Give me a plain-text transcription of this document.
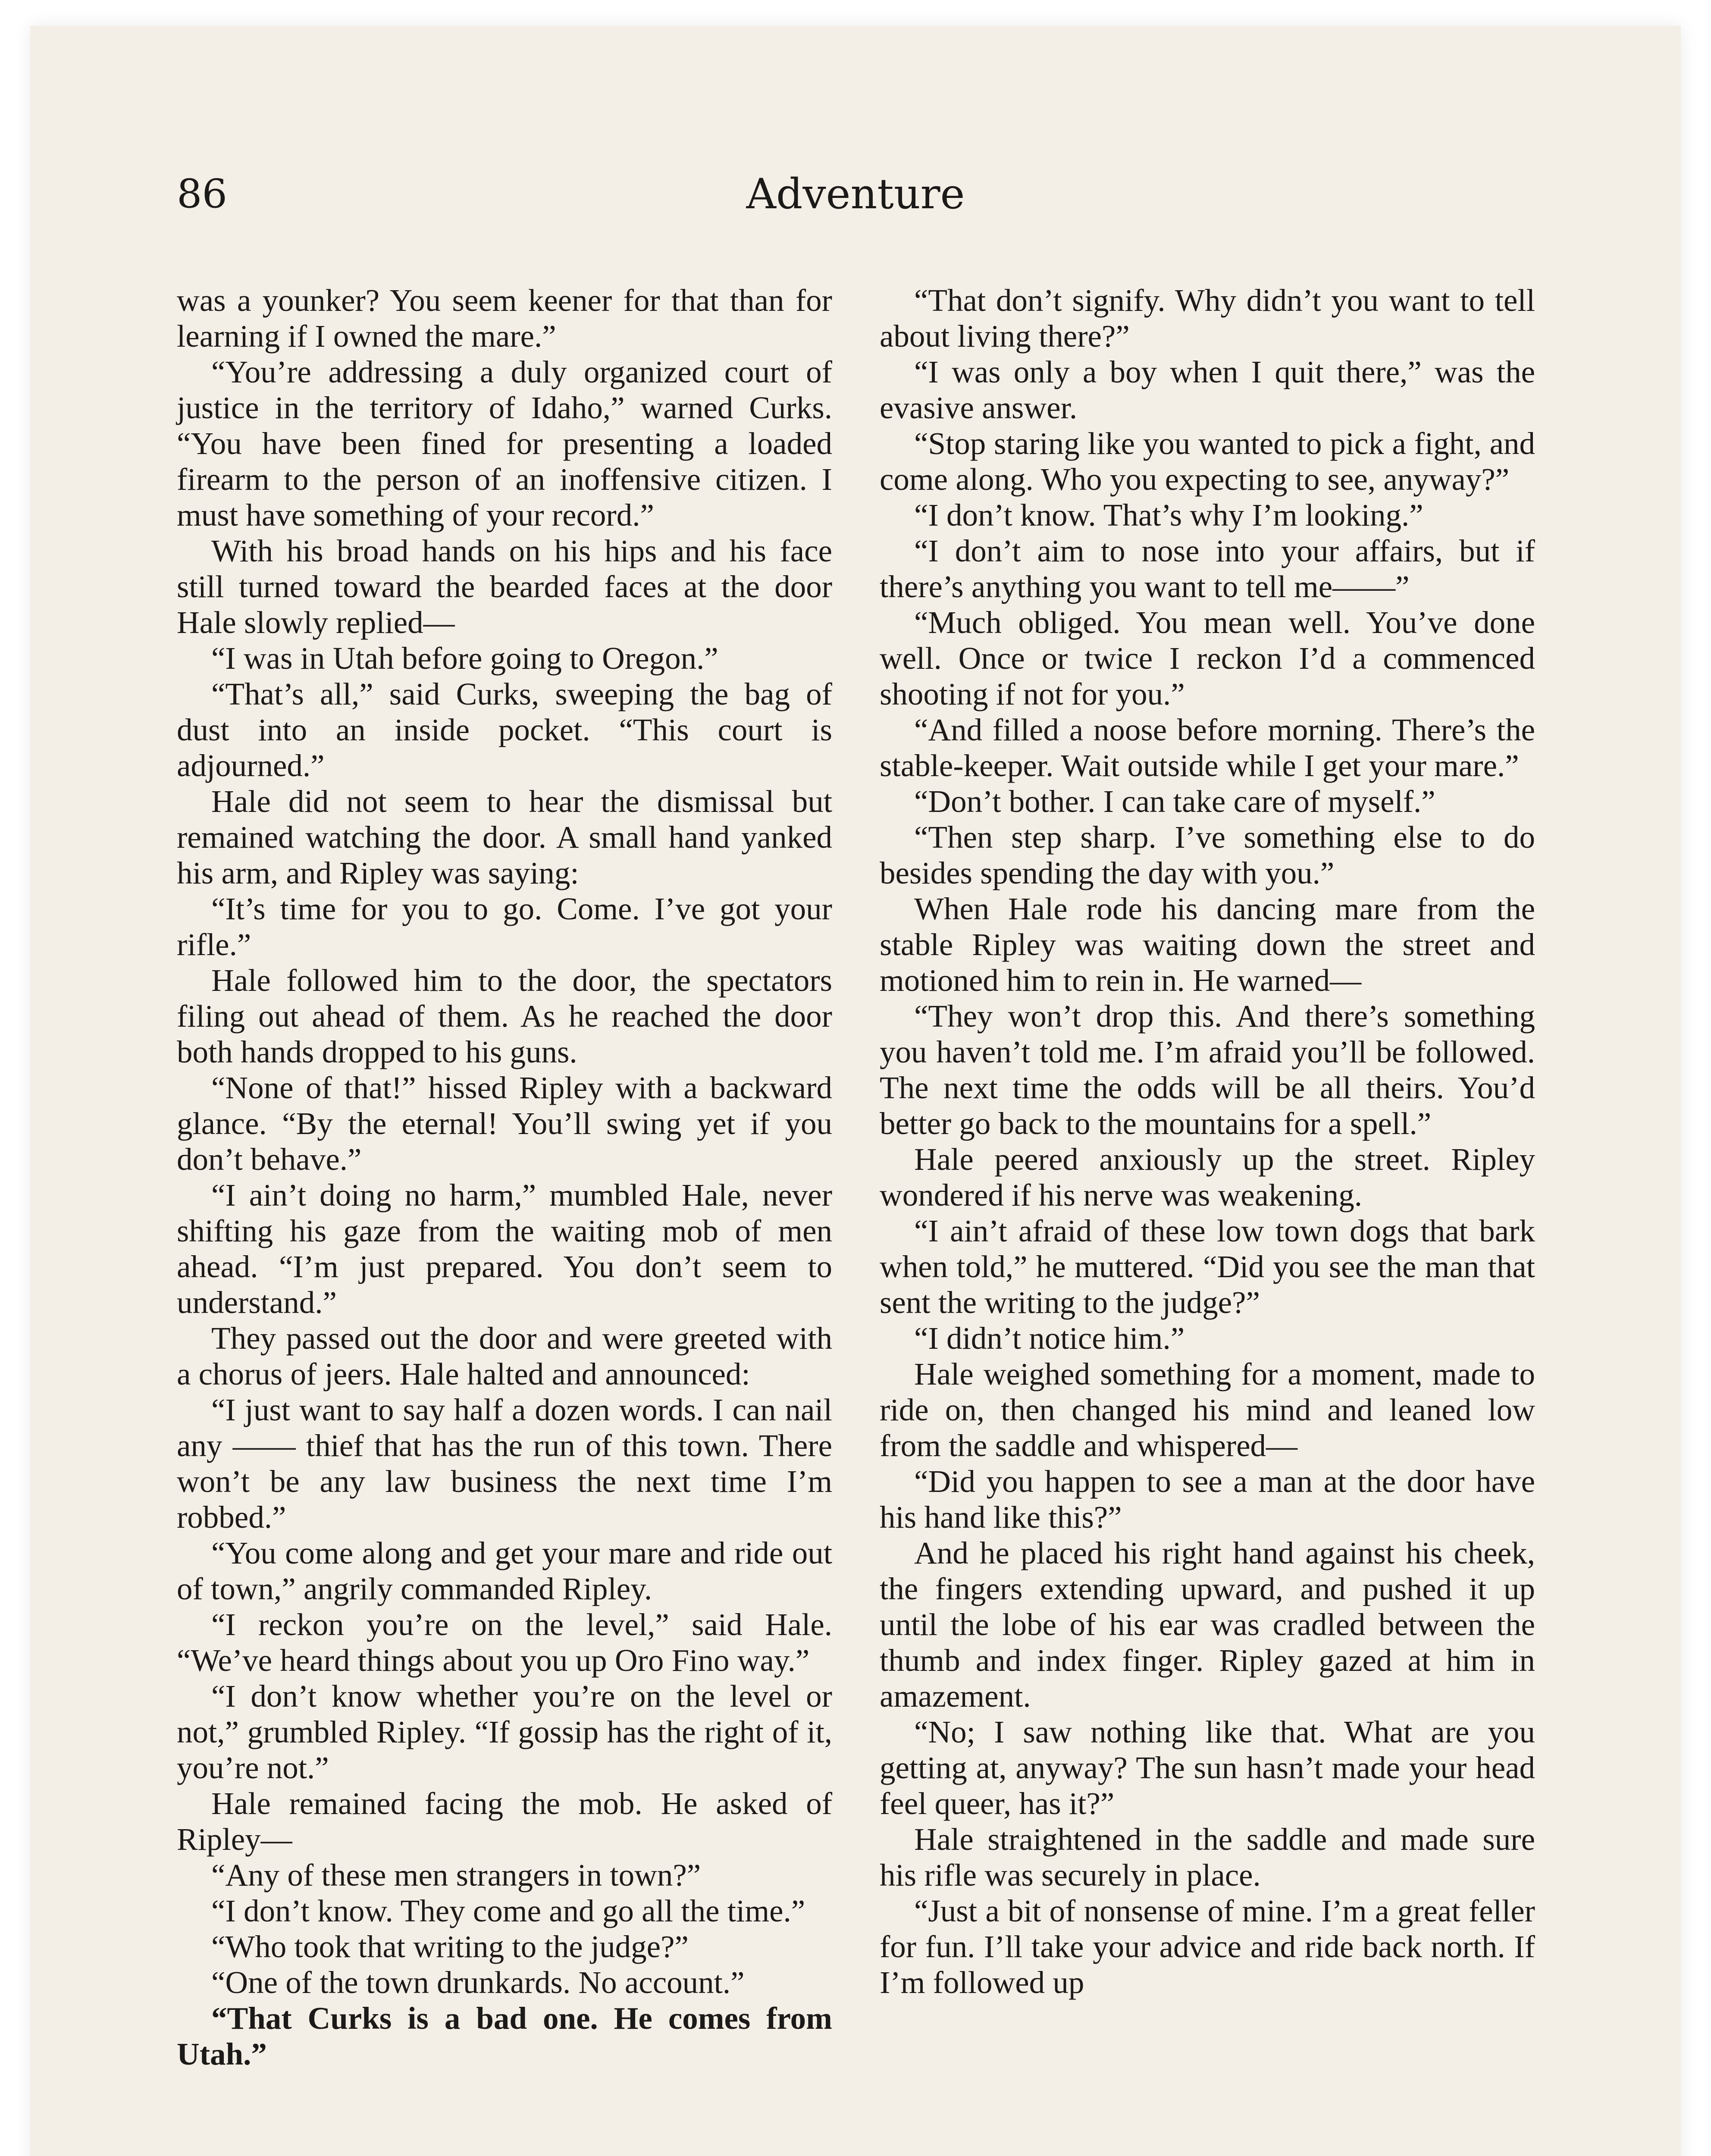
86	Adventure

was a younker? You seem keener for that than for learning if I owned the mare.”

“You’re addressing a duly organized court of justice in the territory of Idaho,” warned Curks. “You have been fined for presenting a loaded firearm to the person of an inoffensive citizen. I must have something of your record.”

With his broad hands on his hips and his face still turned toward the bearded faces at the door Hale slowly replied—

“I was in Utah before going to Oregon.”

“That’s all,” said Curks, sweeping the bag of dust into an inside pocket. “This court is adjourned.”

Hale did not seem to hear the dismissal but remained watching the door. A small hand yanked his arm, and Ripley was saying:

“It’s time for you to go. Come. I’ve got your rifle.”

Hale followed him to the door, the spectators filing out ahead of them. As he reached the door both hands dropped to his guns.

“None of that!” hissed Ripley with a backward glance. “By the eternal! You’ll swing yet if you don’t behave.”

“I ain’t doing no harm,” mumbled Hale, never shifting his gaze from the waiting mob of men ahead. “I’m just prepared. You don’t seem to understand.”

They passed out the door and were greeted with a chorus of jeers. Hale halted and announced:

“I just want to say half a dozen words. I can nail any —— thief that has the run of this town. There won’t be any law business the next time I’m robbed.”

“You come along and get your mare and ride out of town,” angrily commanded Ripley.

“I reckon you’re on the level,” said Hale. “We’ve heard things about you up Oro Fino way.”

“I don’t know whether you’re on the level or not,” grumbled Ripley. “If gossip has the right of it, you’re not.”

Hale remained facing the mob. He asked of Ripley—

“Any of these men strangers in town?”

“I don’t know. They come and go all the time.”

“Who took that writing to the judge?”

“One of the town drunkards. No account.”

“That Curks is a bad one. He comes from Utah.”

“That don’t signify. Why didn’t you want to tell about living there?”

“I was only a boy when I quit there,” was the evasive answer.

“Stop staring like you wanted to pick a fight, and come along. Who you expecting to see, anyway?”

“I don’t know. That’s why I’m looking.”

“I don’t aim to nose into your affairs, but if there’s anything you want to tell me——”

“Much obliged. You mean well. You’ve done well. Once or twice I reckon I’d a commenced shooting if not for you.”

“And filled a noose before morning. There’s the stable-keeper. Wait outside while I get your mare.”

“Don’t bother. I can take care of myself.”

“Then step sharp. I’ve something else to do besides spending the day with you.”

When Hale rode his dancing mare from the stable Ripley was waiting down the street and motioned him to rein in. He warned—

“They won’t drop this. And there’s something you haven’t told me. I’m afraid you’ll be followed. The next time the odds will be all theirs. You’d better go back to the mountains for a spell.”

Hale peered anxiously up the street. Ripley wondered if his nerve was weakening.

“I ain’t afraid of these low town dogs that bark when told,” he muttered. “Did you see the man that sent the writing to the judge?”

“I didn’t notice him.”

Hale weighed something for a moment, made to ride on, then changed his mind and leaned low from the saddle and whispered—

“Did you happen to see a man at the door have his hand like this?”

And he placed his right hand against his cheek, the fingers extending upward, and pushed it up until the lobe of his ear was cradled between the thumb and index finger. Ripley gazed at him in amazement.

“No; I saw nothing like that. What are you getting at, anyway? The sun hasn’t made your head feel queer, has it?”

Hale straightened in the saddle and made sure his rifle was securely in place.

“Just a bit of nonsense of mine. I’m a great feller for fun. I’ll take your advice and ride back north. If I’m followed up
